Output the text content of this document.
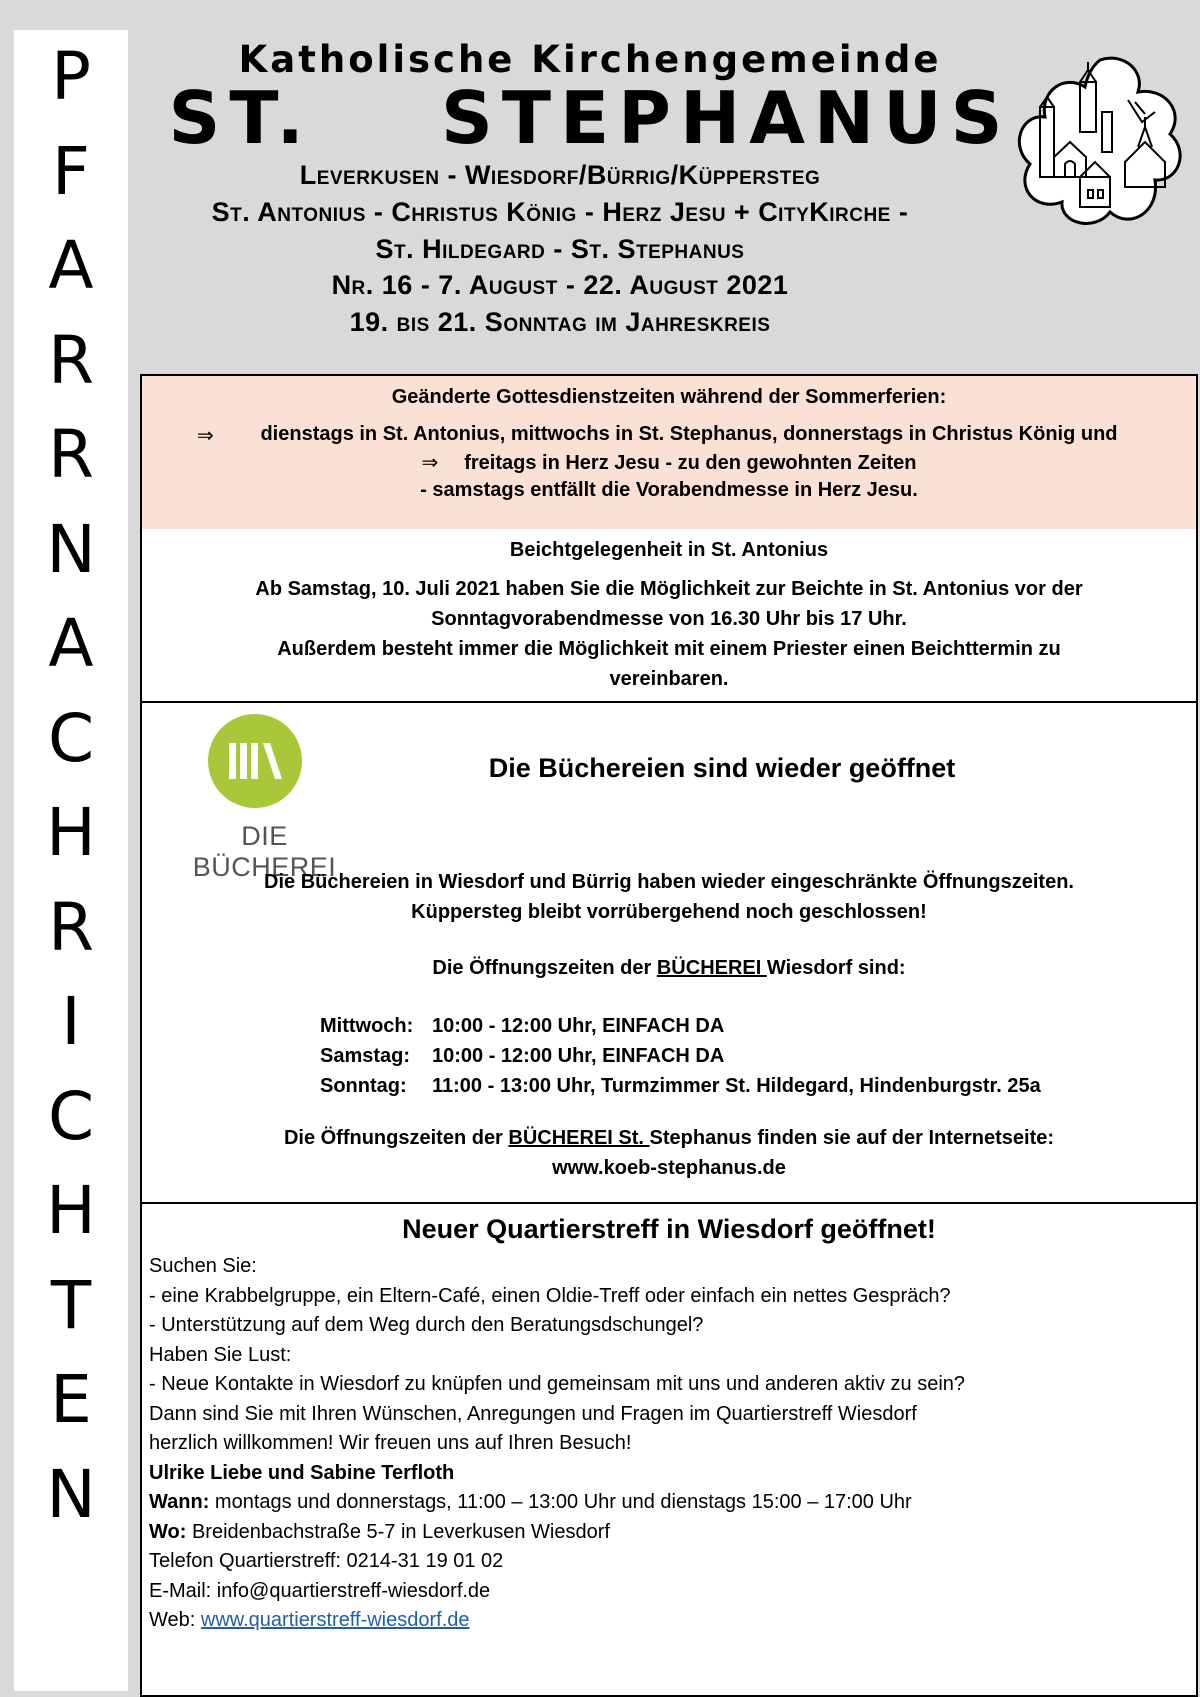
P
F
A
R
R
N
A
C
H
R
I
C
H
T
E
N
Katholische Kirchengemeinde
ST.  STEPHANUS
Leverkusen - Wiesdorf/Bürrig/Küppersteg
St. Antonius - Christus König - Herz Jesu + CityKirche -
St. Hildegard - St. Stephanus
Nr. 16 - 7. August - 22. August 2021
19. bis 21. Sonntag im Jahreskreis
Geänderte Gottesdienstzeiten während der Sommerferien:
⇒ dienstags in St. Antonius, mittwochs in St. Stephanus, donnerstags in Christus König und
⇒ freitags in Herz Jesu - zu den gewohnten Zeiten
- samstags entfällt die Vorabendmesse in Herz Jesu.
Beichtgelegenheit in St. Antonius
Ab Samstag, 10. Juli 2021 haben Sie die Möglichkeit zur Beichte in St. Antonius vor der
Sonntagvorabendmesse von 16.30 Uhr bis 17 Uhr.
Außerdem besteht immer die Möglichkeit mit einem Priester einen Beichttermin zu
vereinbaren.
DIE BÜCHEREI
Die Büchereien sind wieder geöffnet
Die Büchereien in Wiesdorf und Bürrig haben wieder eingeschränkte Öffnungszeiten.
Küppersteg bleibt vorrübergehend noch geschlossen!
Die Öffnungszeiten der BÜCHEREI Wiesdorf sind:
Mittwoch:	10:00 - 12:00 Uhr, EINFACH DA
Samstag:	10:00 - 12:00 Uhr, EINFACH DA
Sonntag:	11:00 - 13:00 Uhr, Turmzimmer St. Hildegard, Hindenburgstr. 25a
Die Öffnungszeiten der BÜCHEREI St. Stephanus finden sie auf der Internetseite:
www.koeb-stephanus.de
Neuer Quartierstreff in Wiesdorf geöffnet!
Suchen Sie:
- eine Krabbelgruppe, ein Eltern-Café, einen Oldie-Treff oder einfach ein nettes Gespräch?
- Unterstützung auf dem Weg durch den Beratungsdschungel?
Haben Sie Lust:
- Neue Kontakte in Wiesdorf zu knüpfen und gemeinsam mit uns und anderen aktiv zu sein?
Dann sind Sie mit Ihren Wünschen, Anregungen und Fragen im Quartierstreff Wiesdorf
herzlich willkommen! Wir freuen uns auf Ihren Besuch!
Ulrike Liebe und Sabine Terfloth
Wann: montags und donnerstags, 11:00 – 13:00 Uhr und dienstags 15:00 – 17:00 Uhr
Wo: Breidenbachstraße 5-7 in Leverkusen Wiesdorf
Telefon Quartierstreff: 0214-31 19 01 02
E-Mail: info@quartierstreff-wiesdorf.de
Web: www.quartierstreff-wiesdorf.de
